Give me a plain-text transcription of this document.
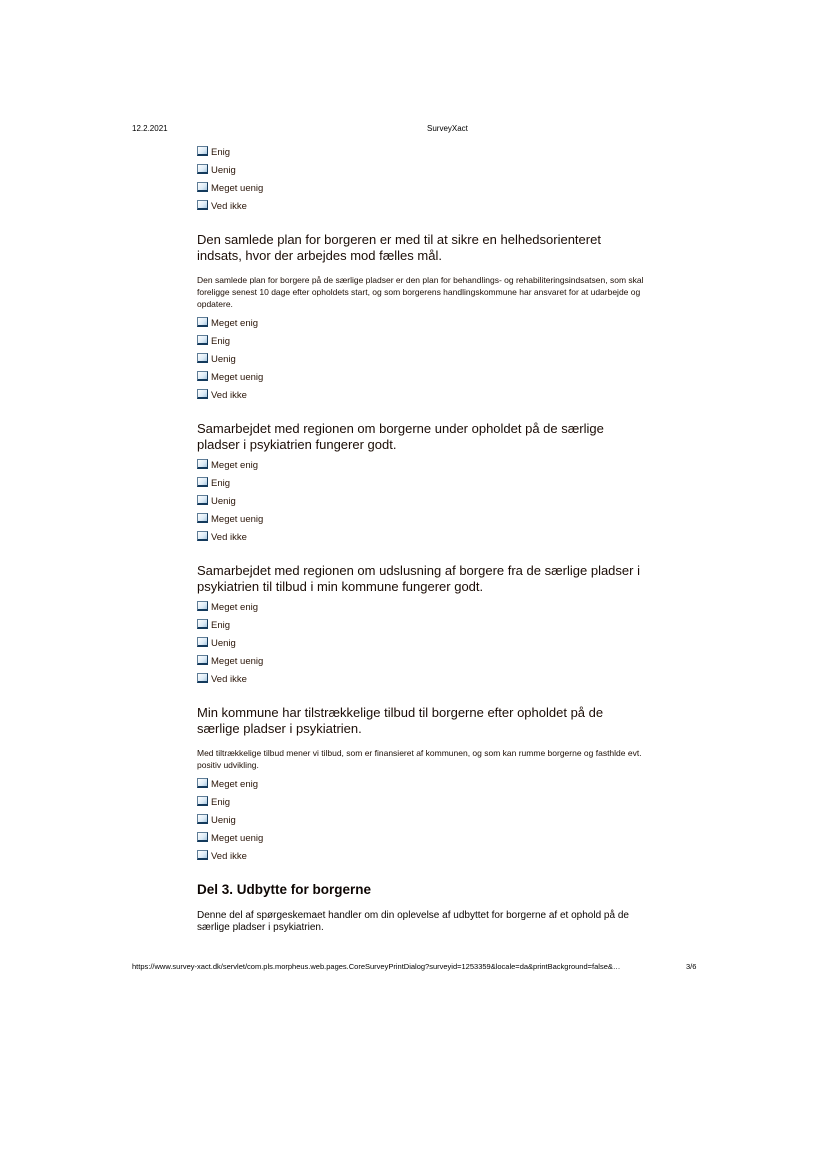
12.2.2021	SurveyXact
Enig
Uenig
Meget uenig
Ved ikke
Den samlede plan for borgeren er med til at sikre en helhedsorienteret indsats, hvor der arbejdes mod fælles mål.

Den samlede plan for borgere på de særlige pladser er den plan for behandlings- og rehabiliteringsindsatsen, som skal foreligge senest 10 dage efter opholdets start, og som borgerens handlingskommune har ansvaret for at udarbejde og opdatere.

Meget enig
Enig
Uenig
Meget uenig
Ved ikke
Samarbejdet med regionen om borgerne under opholdet på de særlige pladser i psykiatrien fungerer godt.
Meget enig
Enig
Uenig
Meget uenig
Ved ikke
Samarbejdet med regionen om udslusning af borgere fra de særlige pladser i psykiatrien til tilbud i min kommune fungerer godt.
Meget enig
Enig
Uenig
Meget uenig
Ved ikke
Min kommune har tilstrækkelige tilbud til borgerne efter opholdet på de særlige pladser i psykiatrien.

Med tiltrækkelige tilbud mener vi tilbud, som er finansieret af kommunen, og som kan rumme borgerne og fasthlde evt. positiv udvikling.

Meget enig
Enig
Uenig
Meget uenig
Ved ikke
Del 3. Udbytte for borgerne

Denne del af spørgeskemaet handler om din oplevelse af udbyttet for borgerne af et ophold på de særlige pladser i psykiatrien.

https://www.survey-xact.dk/servlet/com.pls.morpheus.web.pages.CoreSurveyPrintDialog?surveyid=1253359&locale=da&printBackground=false&…	3/6
